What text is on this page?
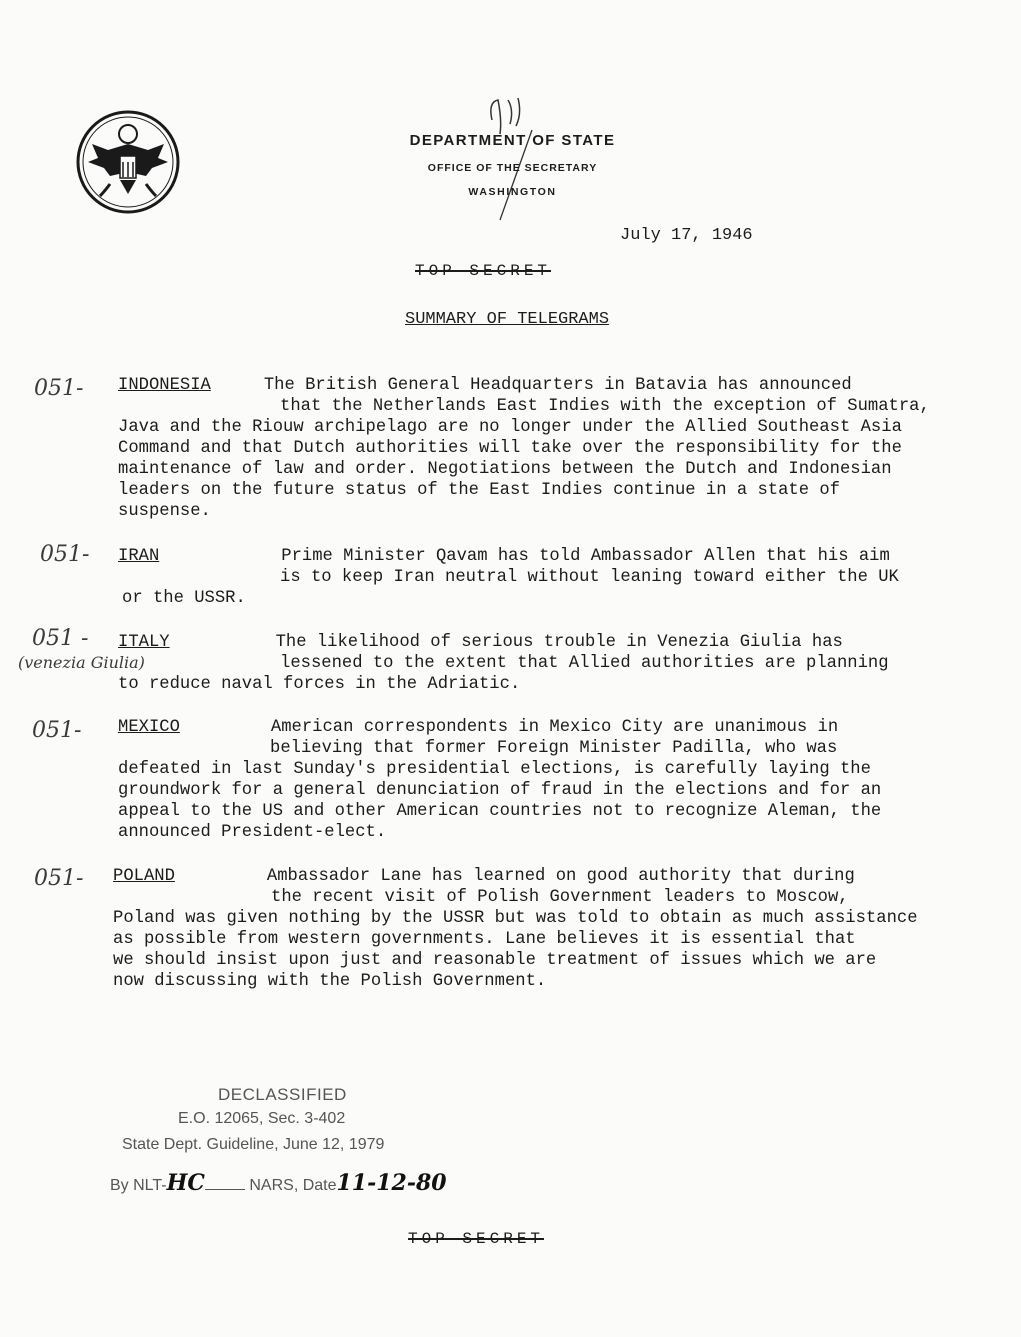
DEPARTMENT OF STATE
OFFICE OF THE SECRETARY
WASHINGTON
July 17, 1946
TOP SECRET
SUMMARY OF TELEGRAMS
051- INDONESIA	The British General Headquarters in Batavia has announced
that the Netherlands East Indies with the exception of Sumatra,
Java and the Riouw archipelago are no longer under the Allied Southeast Asia
Command and that Dutch authorities will take over the responsibility for the
maintenance of law and order. Negotiations between the Dutch and Indonesian
leaders on the future status of the East Indies continue in a state of
suspense.
051- IRAN	Prime Minister Qavam has told Ambassador Allen that his aim
is to keep Iran neutral without leaning toward either the UK
or the USSR.
051 -
(venezia Giulia)
ITALY	The likelihood of serious trouble in Venezia Giulia has
lessened to the extent that Allied authorities are planning
to reduce naval forces in the Adriatic.
051- MEXICO	American correspondents in Mexico City are unanimous in
believing that former Foreign Minister Padilla, who was
defeated in last Sunday's presidential elections, is carefully laying the
groundwork for a general denunciation of fraud in the elections and for an
appeal to the US and other American countries not to recognize Aleman, the
announced President-elect.
051- POLAND	Ambassador Lane has learned on good authority that during
the recent visit of Polish Government leaders to Moscow,
Poland was given nothing by the USSR but was told to obtain as much assistance
as possible from western governments. Lane believes it is essential that
we should insist upon just and reasonable treatment of issues which we are
now discussing with the Polish Government.
DECLASSIFIED
E.O. 12065, Sec. 3-402
State Dept. Guideline, June 12, 1979
By NLT-HC	NARS, Date11-12-80
TOP SECRET
